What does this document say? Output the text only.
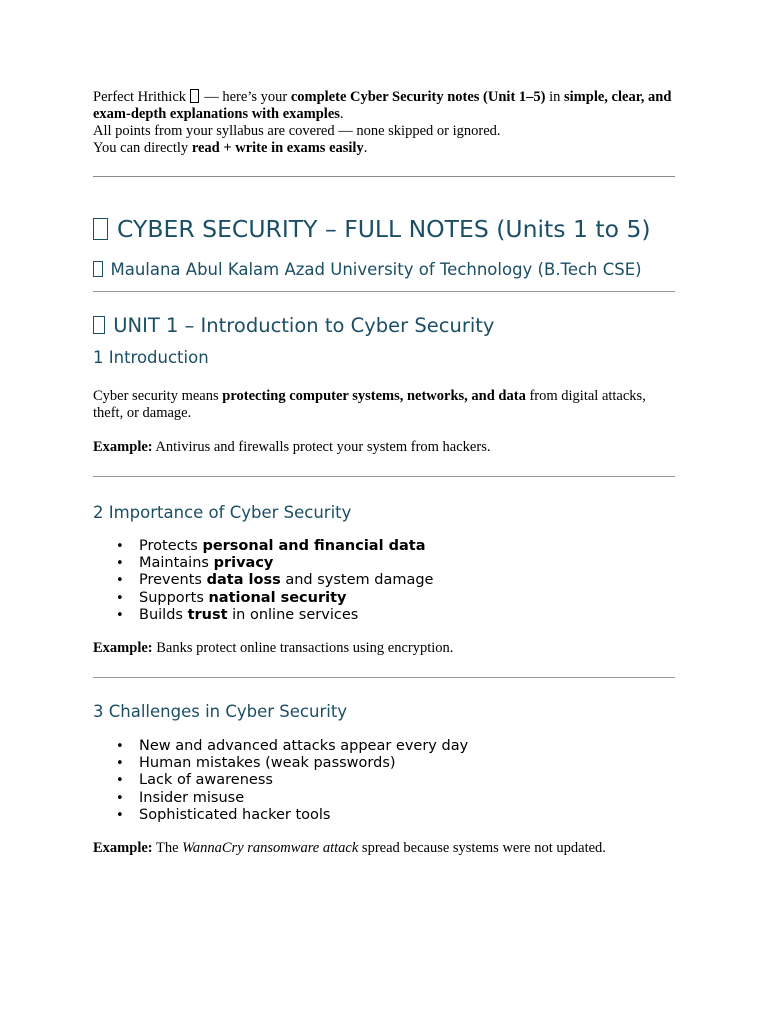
Perfect Hrithick  — here’s your complete Cyber Security notes (Unit 1–5) in simple, clear, and exam-depth explanations with examples.

All points from your syllabus are covered — none skipped or ignored.

You can directly read + write in exams easily.

CYBER SECURITY – FULL NOTES (Units 1 to 5)
Maulana Abul Kalam Azad University of Technology (B.Tech CSE)
UNIT 1 – Introduction to Cyber Security
1 Introduction

Cyber security means protecting computer systems, networks, and data from digital attacks, theft, or damage.

Example: Antivirus and firewalls protect your system from hackers.

2 Importance of Cyber Security
• Protects personal and financial data
• Maintains privacy
• Prevents data loss and system damage
• Supports national security
• Builds trust in online services

Example: Banks protect online transactions using encryption.

3 Challenges in Cyber Security
• New and advanced attacks appear every day
• Human mistakes (weak passwords)
• Lack of awareness
• Insider misuse
• Sophisticated hacker tools

Example: The WannaCry ransomware attack spread because systems were not updated.
